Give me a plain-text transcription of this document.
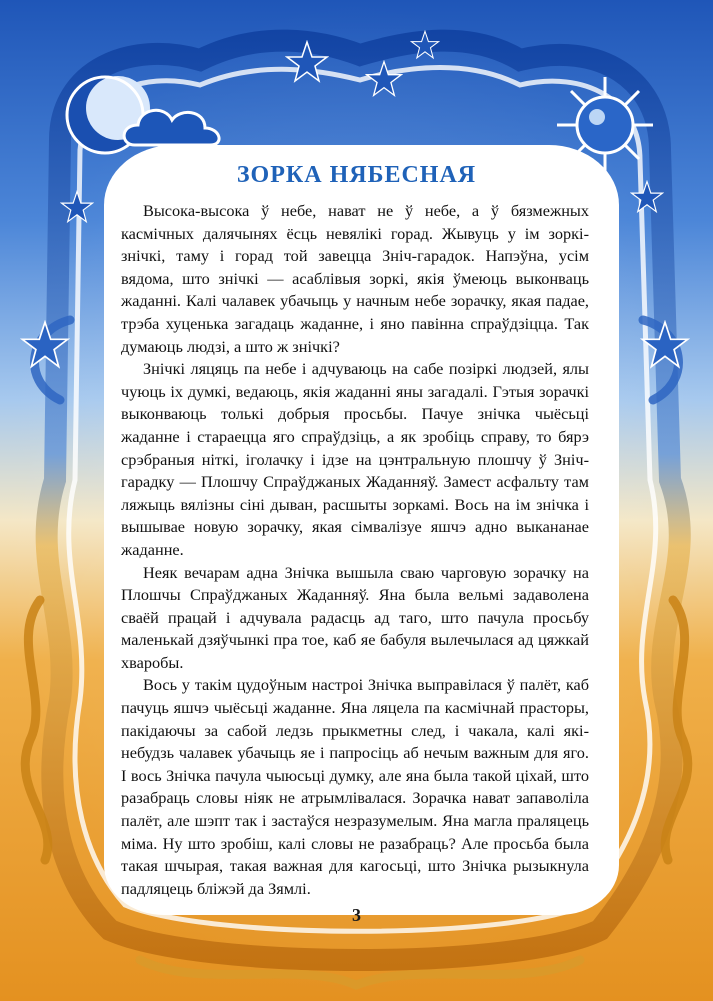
ЗОРКА НЯБЕСНАЯ

Высока-высока ў небе, нават не ў небе, а ў бязмежных касмічных далячынях ёсць невялікі горад. Жывуць у ім зоркі-знічкі, таму і горад той завецца Зніч-гарадок. Напэўна, усім вядома, што знічкі — асаблівыя зоркі, якія ўмеюць выконваць жаданні. Калі чалавек убачыць у начным небе зорачку, якая падае, трэба хуценька загадаць жаданне, і яно павінна спраўдзіцца. Так думаюць людзі, а што ж знічкі?

Знічкі ляцяць па небе і адчуваюць на сабе позіркі людзей, ялы чуюць іх думкі, ведаюць, якія жаданні яны загадалі. Гэтыя зорачкі выконваюць толькі добрыя просьбы. Пачуе знічка чыёсьці жаданне і стараецца яго спраўдзіць, а як зробіць справу, то бярэ срэбраныя ніткі, іголачку і ідзе на цэнтральную плошчу ў Зніч-гарадку — Плошчу Спраўджаных Жаданняў. Замест асфальту там ляжыць вялізны сіні дыван, расшыты зоркамі. Вось на ім знічка і вышывае новую зорачку, якая сімвалізуе яшчэ адно выкананае жаданне.

Неяк вечарам адна Знічка вышыла сваю чарговую зорачку на Плошчы Спраўджаных Жаданняў. Яна была вельмі задаволена сваёй працай і адчувала радасць ад таго, што пачула просьбу маленькай дзяўчынкі пра тое, каб яе бабуля вылечылася ад цяжкай хваробы.

Вось у такім цудоўным настроі Знічка выправілася ў палёт, каб пачуць яшчэ чыёсьці жаданне. Яна ляцела па касмічнай прасторы, пакідаючы за сабой ледзь прыкметны след, і чакала, калі які-небудзь чалавек убачыць яе і папросіць аб нечым важным для яго. І вось Знічка пачула чыюсьці думку, але яна была такой ціхай, што разабраць словы ніяк не атрымлівалася. Зорачка нават запаволіла палёт, але шэпт так і застаўся незразумелым. Яна магла праляцець міма. Ну што зробіш, калі словы не разабраць? Але просьба была такая шчырая, такая важная для кагосьці, што Знічка рызыкнула падляцець бліжэй да Зямлі.

3
